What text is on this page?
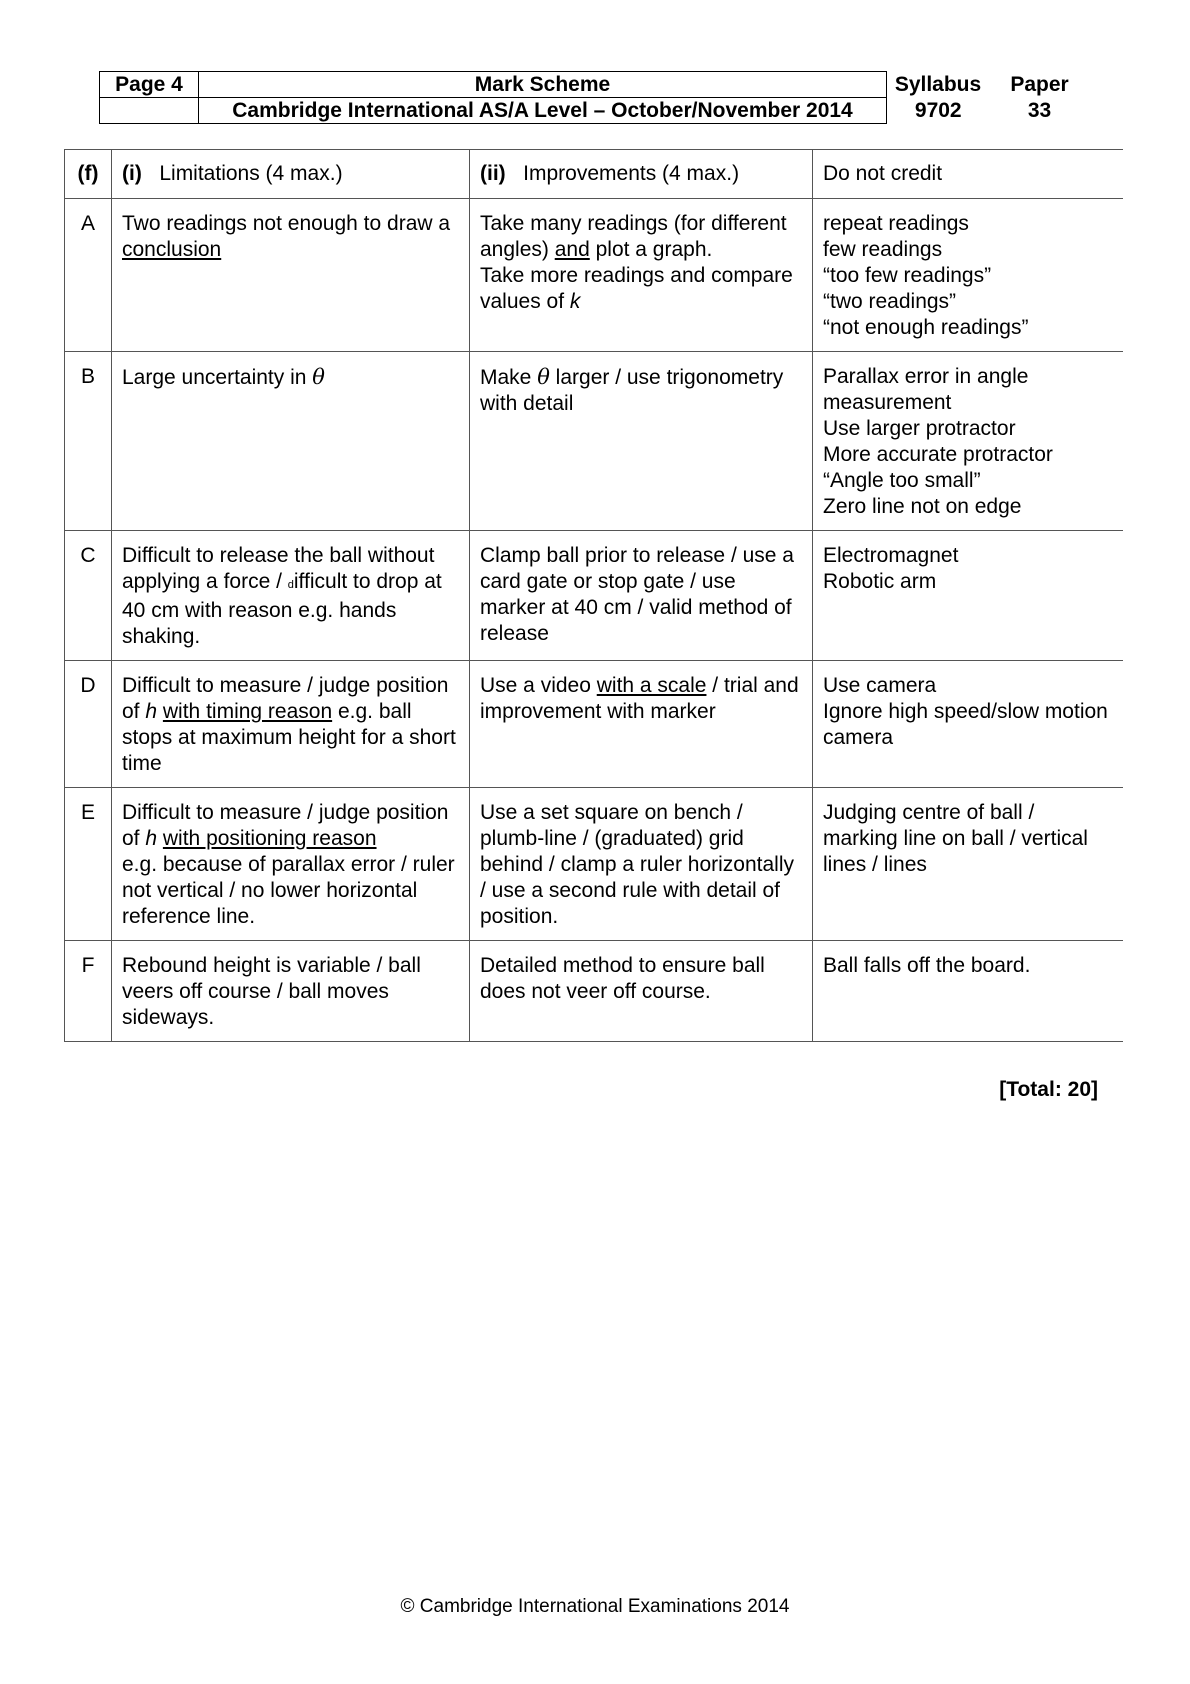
Page 4	Mark Scheme	Syllabus	Paper
	Cambridge International AS/A Level – October/November 2014	9702	33
(f)	(i) Limitations (4 max.)	(ii) Improvements (4 max.)	Do not credit
A	Two readings not enough to draw a conclusion	Take many readings (for different angles) and plot a graph.
Take more readings and compare values of k	repeat readings
few readings
“too few readings”
“two readings”
“not enough readings”

B	Large uncertainty in θ	Make θ larger / use trigonometry with detail	Parallax error in angle measurement
Use larger protractor
More accurate protractor
“Angle too small”
Zero line not on edge

C	Difficult to release the ball without applying a force / difficult to drop at 40 cm with reason e.g. hands shaking.	Clamp ball prior to release / use a card gate or stop gate / use marker at 40 cm / valid method of release	Electromagnet
Robotic arm

D	Difficult to measure / judge position of h with timing reason e.g. ball stops at maximum height for a short time	Use a video with a scale / trial and improvement with marker	Use camera
Ignore high speed/slow motion camera

E	Difficult to measure / judge position of h with positioning reason
e.g. because of parallax error / ruler not vertical / no lower horizontal reference line.	Use a set square on bench / plumb-line / (graduated) grid behind / clamp a ruler horizontally / use a second rule with detail of position.	Judging centre of ball / marking line on ball / vertical lines / lines

F	Rebound height is variable / ball veers off course / ball moves sideways.	Detailed method to ensure ball does not veer off course.	Ball falls off the board.
[Total: 20]
© Cambridge International Examinations 2014
